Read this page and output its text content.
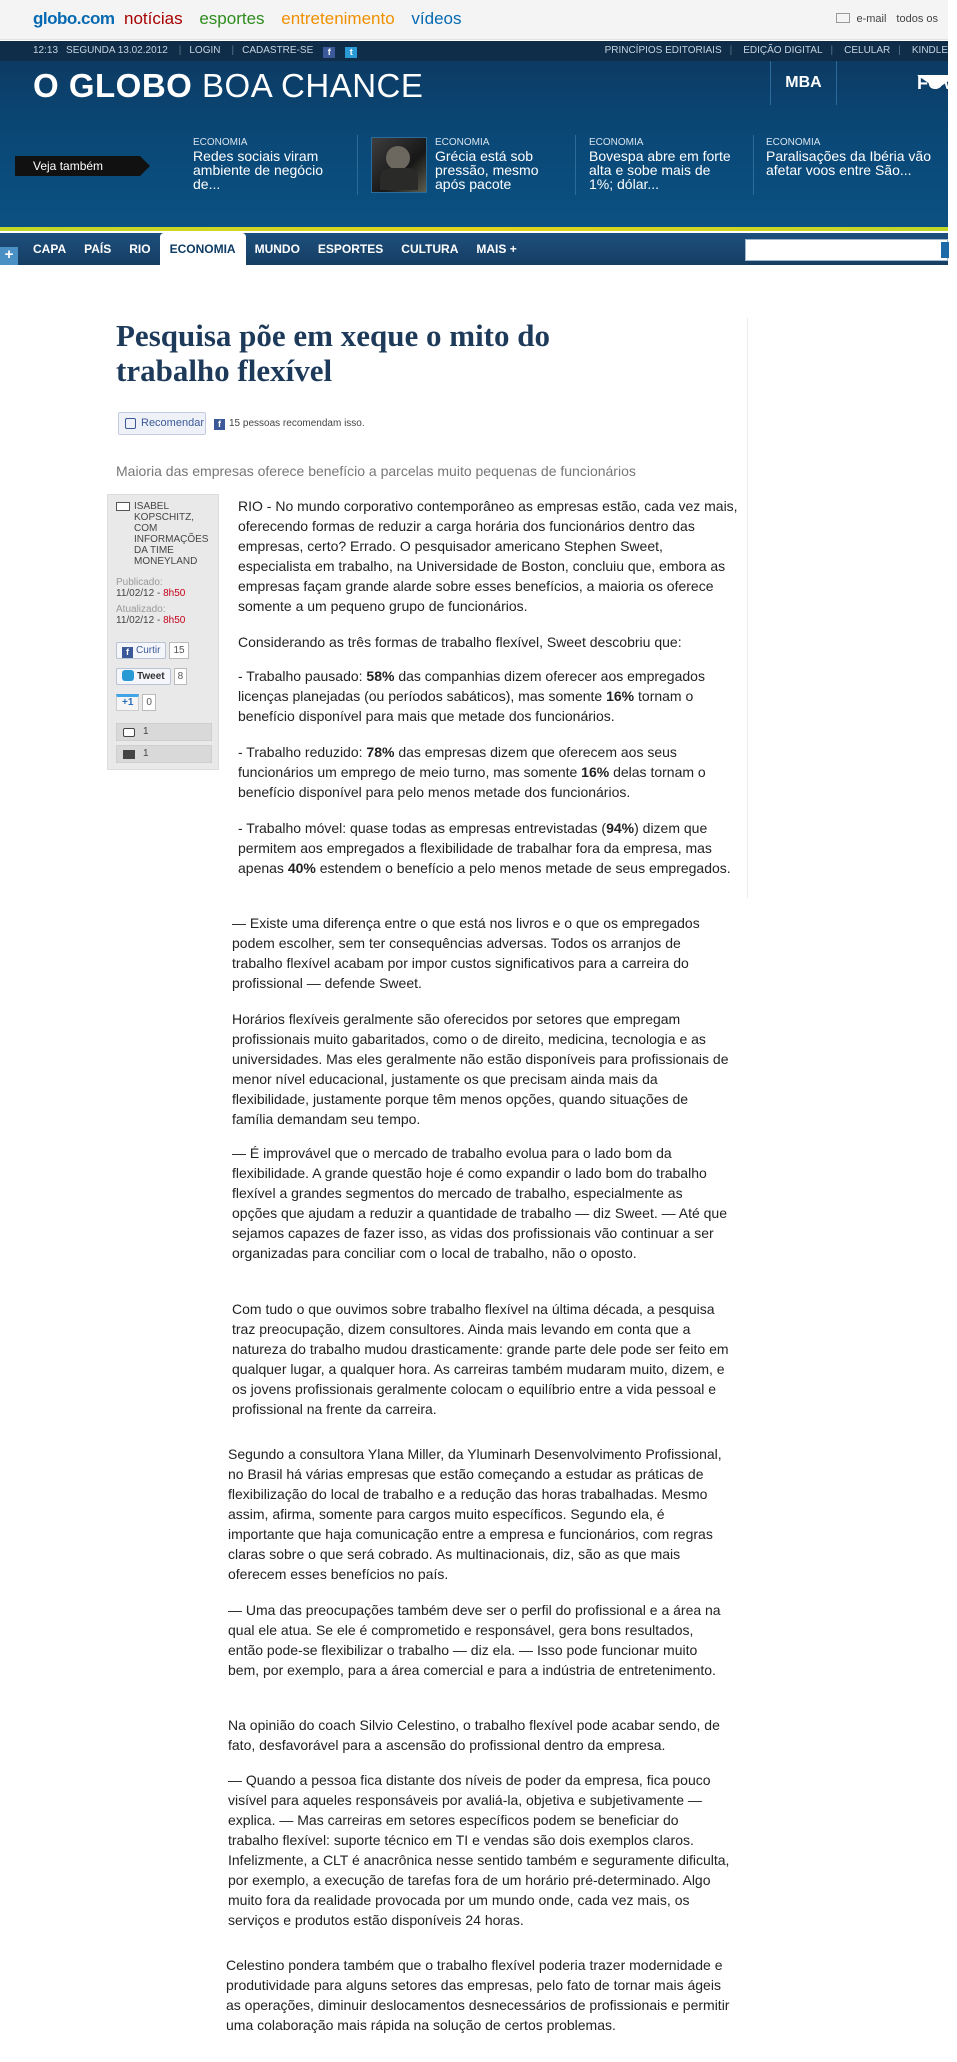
globo.com notícias esportes entretenimento vídeos	e-mail todos os
12:13 SEGUNDA 13.02.2012 | LOGIN | CADASTRE-SE f t	PRINCÍPIOS EDITORIAIS | EDIÇÃO DIGITAL | CELULAR | KINDLE
O GLOBO BOA CHANCE	MBA	FGV
Veja também
ECONOMIA
Redes sociais viram ambiente de negócio de...
ECONOMIA
Grécia está sob pressão, mesmo após pacote
ECONOMIA
Bovespa abre em forte alta e sobe mais de 1%; dólar...
ECONOMIA
Paralisações da Ibéria vão afetar voos entre São...
+	CAPA PAÍS RIO ECONOMIA MUNDO ESPORTES CULTURA MAIS +
Pesquisa põe em xeque o mito do trabalho flexível
Recomendar	f 15 pessoas recomendam isso.
Maioria das empresas oferece benefício a parcelas muito pequenas de funcionários
ISABEL KOPSCHITZ, COM INFORMAÇÕES DA TIME MONEYLAND
Publicado:
11/02/12 - 8h50
Atualizado:
11/02/12 - 8h50
f Curtir 15
Tweet 8
+1 0
1
1

RIO - No mundo corporativo contemporâneo as empresas estão, cada vez mais, oferecendo formas de reduzir a carga horária dos funcionários dentro das empresas, certo? Errado. O pesquisador americano Stephen Sweet, especialista em trabalho, na Universidade de Boston, concluiu que, embora as empresas façam grande alarde sobre esses benefícios, a maioria os oferece somente a um pequeno grupo de funcionários.

Considerando as três formas de trabalho flexível, Sweet descobriu que:

- Trabalho pausado: 58% das companhias dizem oferecer aos empregados licenças planejadas (ou períodos sabáticos), mas somente 16% tornam o benefício disponível para mais que metade dos funcionários.

- Trabalho reduzido: 78% das empresas dizem que oferecem aos seus funcionários um emprego de meio turno, mas somente 16% delas tornam o benefício disponível para pelo menos metade dos funcionários.

- Trabalho móvel: quase todas as empresas entrevistadas (94%) dizem que permitem aos empregados a flexibilidade de trabalhar fora da empresa, mas apenas 40% estendem o benefício a pelo menos metade de seus empregados.

— Existe uma diferença entre o que está nos livros e o que os empregados podem escolher, sem ter consequências adversas. Todos os arranjos de trabalho flexível acabam por impor custos significativos para a carreira do profissional — defende Sweet.

Horários flexíveis geralmente são oferecidos por setores que empregam profissionais muito gabaritados, como o de direito, medicina, tecnologia e as universidades. Mas eles geralmente não estão disponíveis para profissionais de menor nível educacional, justamente os que precisam ainda mais da flexibilidade, justamente porque têm menos opções, quando situações de família demandam seu tempo.

— É improvável que o mercado de trabalho evolua para o lado bom da flexibilidade. A grande questão hoje é como expandir o lado bom do trabalho flexível a grandes segmentos do mercado de trabalho, especialmente as opções que ajudam a reduzir a quantidade de trabalho — diz Sweet. — Até que sejamos capazes de fazer isso, as vidas dos profissionais vão continuar a ser organizadas para conciliar com o local de trabalho, não o oposto.

Com tudo o que ouvimos sobre trabalho flexível na última década, a pesquisa traz preocupação, dizem consultores. Ainda mais levando em conta que a natureza do trabalho mudou drasticamente: grande parte dele pode ser feito em qualquer lugar, a qualquer hora. As carreiras também mudaram muito, dizem, e os jovens profissionais geralmente colocam o equilíbrio entre a vida pessoal e profissional na frente da carreira.

Segundo a consultora Ylana Miller, da Yluminarh Desenvolvimento Profissional, no Brasil há várias empresas que estão começando a estudar as práticas de flexibilização do local de trabalho e a redução das horas trabalhadas. Mesmo assim, afirma, somente para cargos muito específicos. Segundo ela, é importante que haja comunicação entre a empresa e funcionários, com regras claras sobre o que será cobrado. As multinacionais, diz, são as que mais oferecem esses benefícios no país.

— Uma das preocupações também deve ser o perfil do profissional e a área na qual ele atua. Se ele é comprometido e responsável, gera bons resultados, então pode-se flexibilizar o trabalho — diz ela. — Isso pode funcionar muito bem, por exemplo, para a área comercial e para a indústria de entretenimento.

Na opinião do coach Silvio Celestino, o trabalho flexível pode acabar sendo, de fato, desfavorável para a ascensão do profissional dentro da empresa.

— Quando a pessoa fica distante dos níveis de poder da empresa, fica pouco visível para aqueles responsáveis por avaliá-la, objetiva e subjetivamente — explica. — Mas carreiras em setores específicos podem se beneficiar do trabalho flexível: suporte técnico em TI e vendas são dois exemplos claros. Infelizmente, a CLT é anacrônica nesse sentido também e seguramente dificulta, por exemplo, a execução de tarefas fora de um horário pré-determinado. Algo muito fora da realidade provocada por um mundo onde, cada vez mais, os serviços e produtos estão disponíveis 24 horas.

Celestino pondera também que o trabalho flexível poderia trazer modernidade e produtividade para alguns setores das empresas, pelo fato de tornar mais ágeis as operações, diminuir deslocamentos desnecessários de profissionais e permitir uma colaboração mais rápida na solução de certos problemas.
